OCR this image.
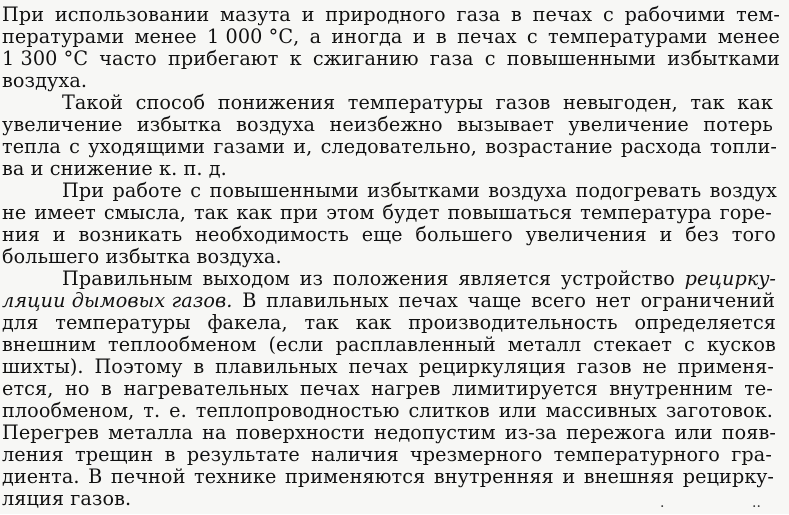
При использовании мазута и природного газа в печах с рабочими тем-
пературами менее 1 000 °С, а иногда и в печах с температурами менее
1 300 °С часто прибегают к сжиганию газа с повышенными избытками
воздуха.
Такой способ понижения температуры газов невыгоден, так как
увеличение избытка воздуха неизбежно вызывает увеличение потерь
тепла с уходящими газами и, следовательно, возрастание расхода топли-
ва и снижение к. п. д.
При работе с повышенными избытками воздуха подогревать воздух
не имеет смысла, так как при этом будет повышаться температура горе-
ния и возникать необходимость еще большего увеличения и без того
большего избытка воздуха.
Правильным выходом из положения является устройство рециркy-
ляции дымовых газов. В плавильных печах чаще всего нет ограничений
для температуры факела, так как производительность определяется
внешним теплообменом (если расплавленный металл стекает с кусков
шихты). Поэтому в плавильных печах рециркуляция газов не применя-
ется, но в нагревательных печах нагрев лимитируется внутренним те-
плообменом, т. е. теплопроводностью слитков или массивных заготовок.
Перегрев металла на поверхности недопустим из-за пережога или появ-
ления трещин в результате наличия чрезмерного температурного гра-
диента. В печной технике применяются внутренняя и внешняя рециркy-
ляция газов.	·	··
